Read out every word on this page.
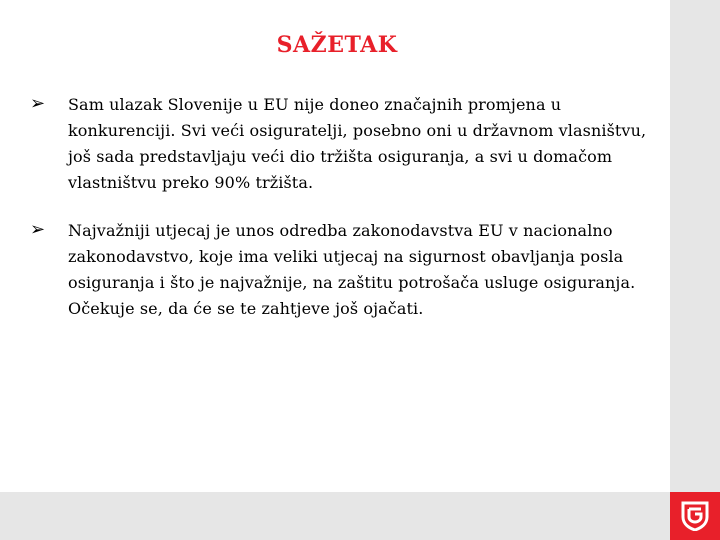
SAŽETAK
➢ Sam ulazak Slovenije u EU nije doneo značajnih promjena u konkurenciji. Svi veći osiguratelji, posebno oni u državnom vlasništvu, još sada predstavljaju veći dio tržišta osiguranja, a svi u domačom vlastništvu preko 90% tržišta.
➢ Najvažniji utjecaj je unos odredba zakonodavstva EU v nacionalno zakonodavstvo, koje ima veliki utjecaj na sigurnost obavljanja posla osiguranja i što je najvažnije, na zaštitu potrošača usluge osiguranja. Očekuje se, da će se te zahtjeve još ojačati.
